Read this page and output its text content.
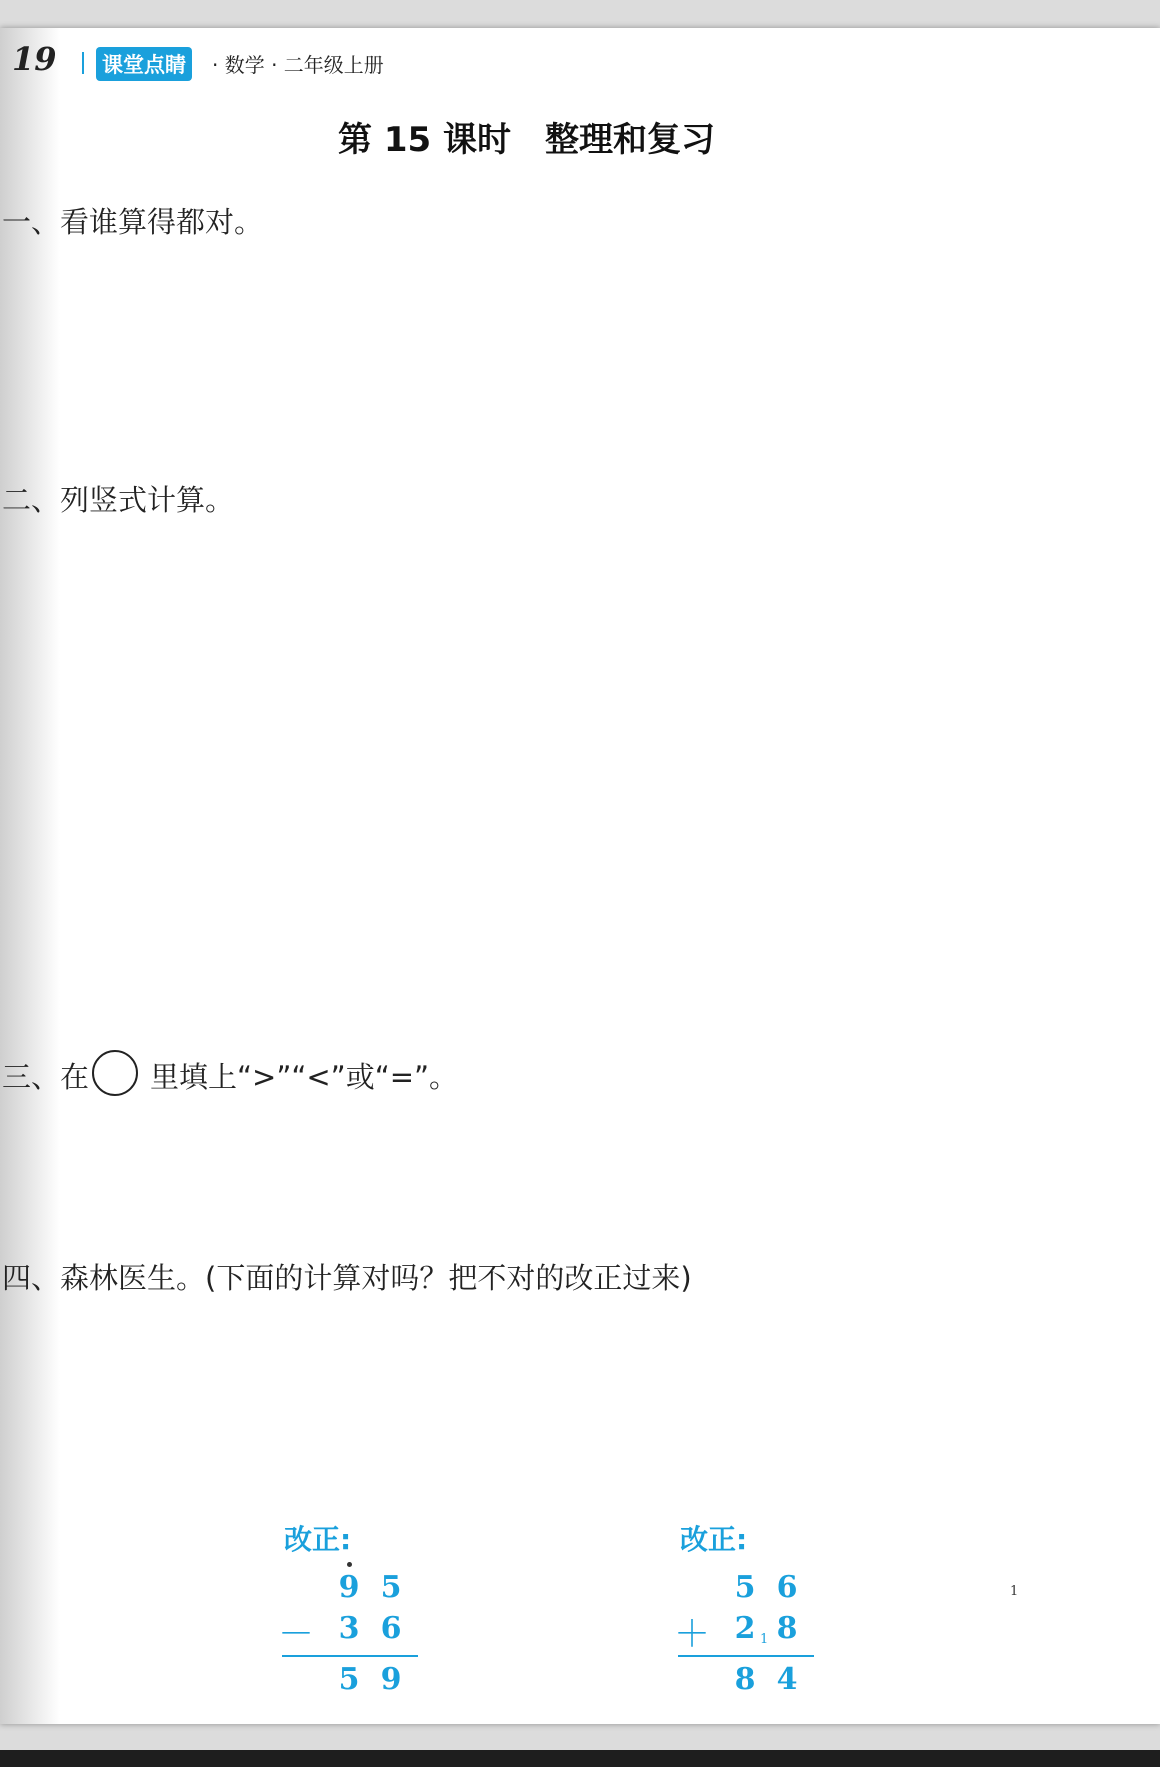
19 课堂点睛	· 数学 · 二年级上册
第 15 课时　整理和复习
一、看谁算得都对。
二、列竖式计算。
三、在 里填上“>”“<”或“=”。
四、森林医生。(下面的计算对吗？把不对的改正过来)
改正:
9 5
－ 3 6
5 9
改正:
5 6
＋ 2 8
1
8 4
1
